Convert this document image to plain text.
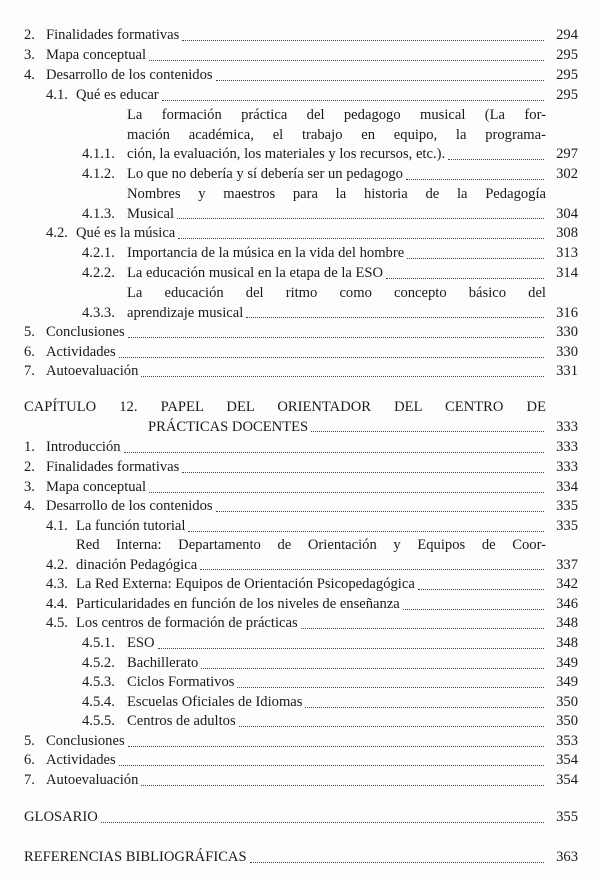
2. Finalidades formativas	294
3. Mapa conceptual	295
4. Desarrollo de los contenidos	295
4.1. Qué es educar	295
4.1.1.
La formación práctica del pedagogo musical (La for-
mación académica, el trabajo en equipo, la programa-
ción, la evaluación, los materiales y los recursos, etc.).	297
4.1.2. Lo que no debería y sí debería ser un pedagogo	302
4.1.3.
Nombres y maestros para la historia de la Pedagogía
Musical	304
4.2. Qué es la música	308
4.2.1. Importancia de la música en la vida del hombre	313
4.2.2. La educación musical en la etapa de la ESO	314
4.3.3.
La educación del ritmo como concepto básico del
aprendizaje musical	316
5. Conclusiones	330
6. Actividades	330
7. Autoevaluación	331
CAPÍTULO 12. PAPEL DEL ORIENTADOR DEL CENTRO DE
PRÁCTICAS DOCENTES	333
1. Introducción	333
2. Finalidades formativas	333
3. Mapa conceptual	334
4. Desarrollo de los contenidos	335
4.1. La función tutorial	335
4.2.
Red Interna: Departamento de Orientación y Equipos de Coor-
dinación Pedagógica	337
4.3. La Red Externa: Equipos de Orientación Psicopedagógica	342
4.4. Particularidades en función de los niveles de enseñanza	346
4.5. Los centros de formación de prácticas	348
4.5.1. ESO	348
4.5.2. Bachillerato	349
4.5.3. Ciclos Formativos	349
4.5.4. Escuelas Oficiales de Idiomas	350
4.5.5. Centros de adultos	350
5. Conclusiones	353
6. Actividades	354
7. Autoevaluación	354
GLOSARIO	355
REFERENCIAS BIBLIOGRÁFICAS	363
